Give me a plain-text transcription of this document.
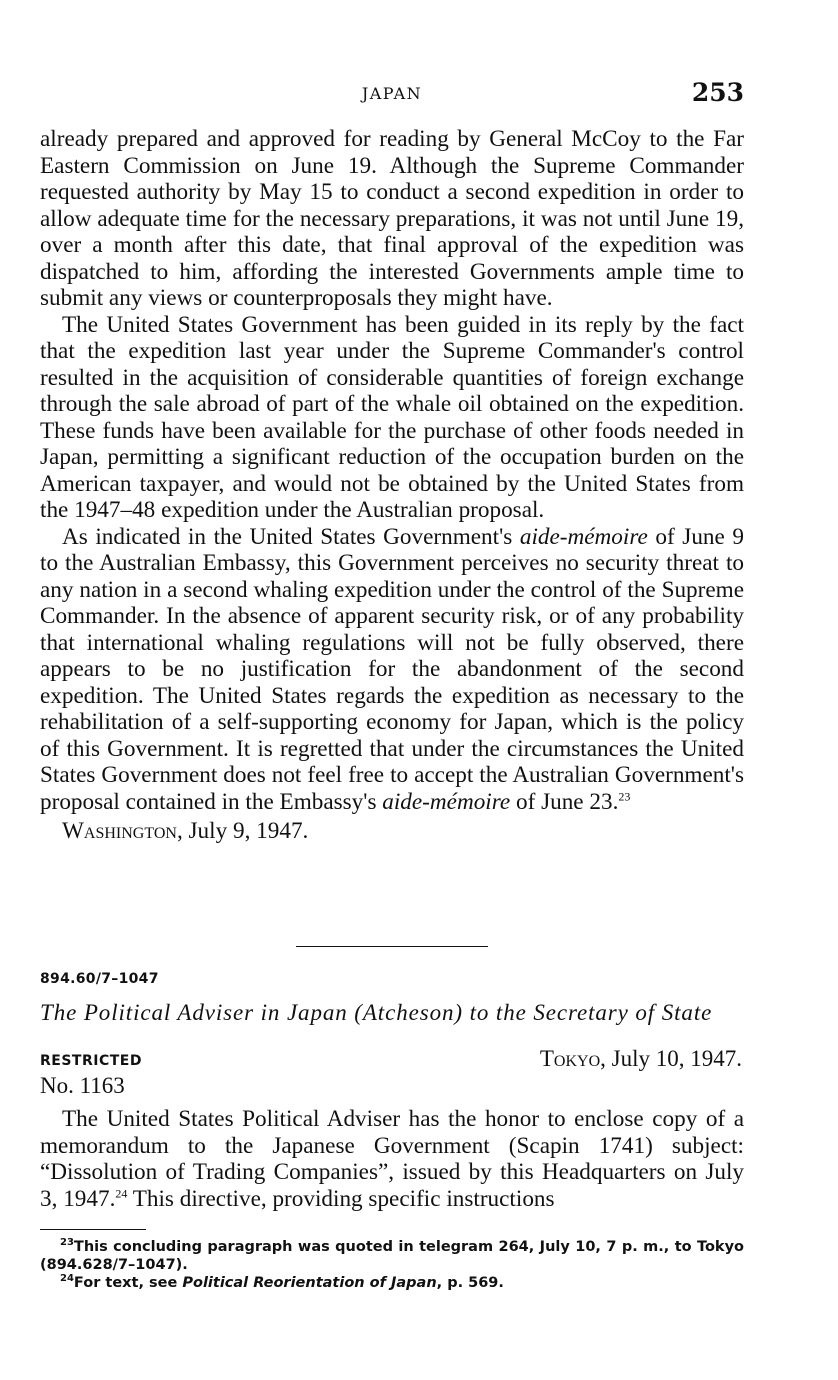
JAPAN	253

already prepared and approved for reading by General McCoy to the Far Eastern Commission on June 19. Although the Supreme Commander requested authority by May 15 to conduct a second expedition in order to allow adequate time for the necessary preparations, it was not until June 19, over a month after this date, that final approval of the expedition was dispatched to him, affording the interested Governments ample time to submit any views or counterproposals they might have.

The United States Government has been guided in its reply by the fact that the expedition last year under the Supreme Commander's control resulted in the acquisition of considerable quantities of foreign exchange through the sale abroad of part of the whale oil obtained on the expedition. These funds have been available for the purchase of other foods needed in Japan, permitting a significant reduction of the occupation burden on the American taxpayer, and would not be obtained by the United States from the 1947–48 expedition under the Australian proposal.

As indicated in the United States Government's aide-mémoire of June 9 to the Australian Embassy, this Government perceives no security threat to any nation in a second whaling expedition under the control of the Supreme Commander. In the absence of apparent security risk, or of any probability that international whaling regulations will not be fully observed, there appears to be no justification for the abandonment of the second expedition. The United States regards the expedition as necessary to the rehabilitation of a self-supporting economy for Japan, which is the policy of this Government. It is regretted that under the circumstances the United States Government does not feel free to accept the Australian Government's proposal contained in the Embassy's aide-mémoire of June 23.23

Washington, July 9, 1947.
894.60/7–1047
The Political Adviser in Japan (Atcheson) to the Secretary of State
RESTRICTED	Tokyo, July 10, 1947.
No. 1163

The United States Political Adviser has the honor to enclose copy of a memorandum to the Japanese Government (Scapin 1741) subject: “Dissolution of Trading Companies”, issued by this Headquarters on July 3, 1947.24 This directive, providing specific instructions

$^{23}$This concluding paragraph was quoted in telegram 264, July 10, 7 p. m., to Tokyo (894.628/7–1047).

$^{24}$For text, see Political Reorientation of Japan, p. 569.
